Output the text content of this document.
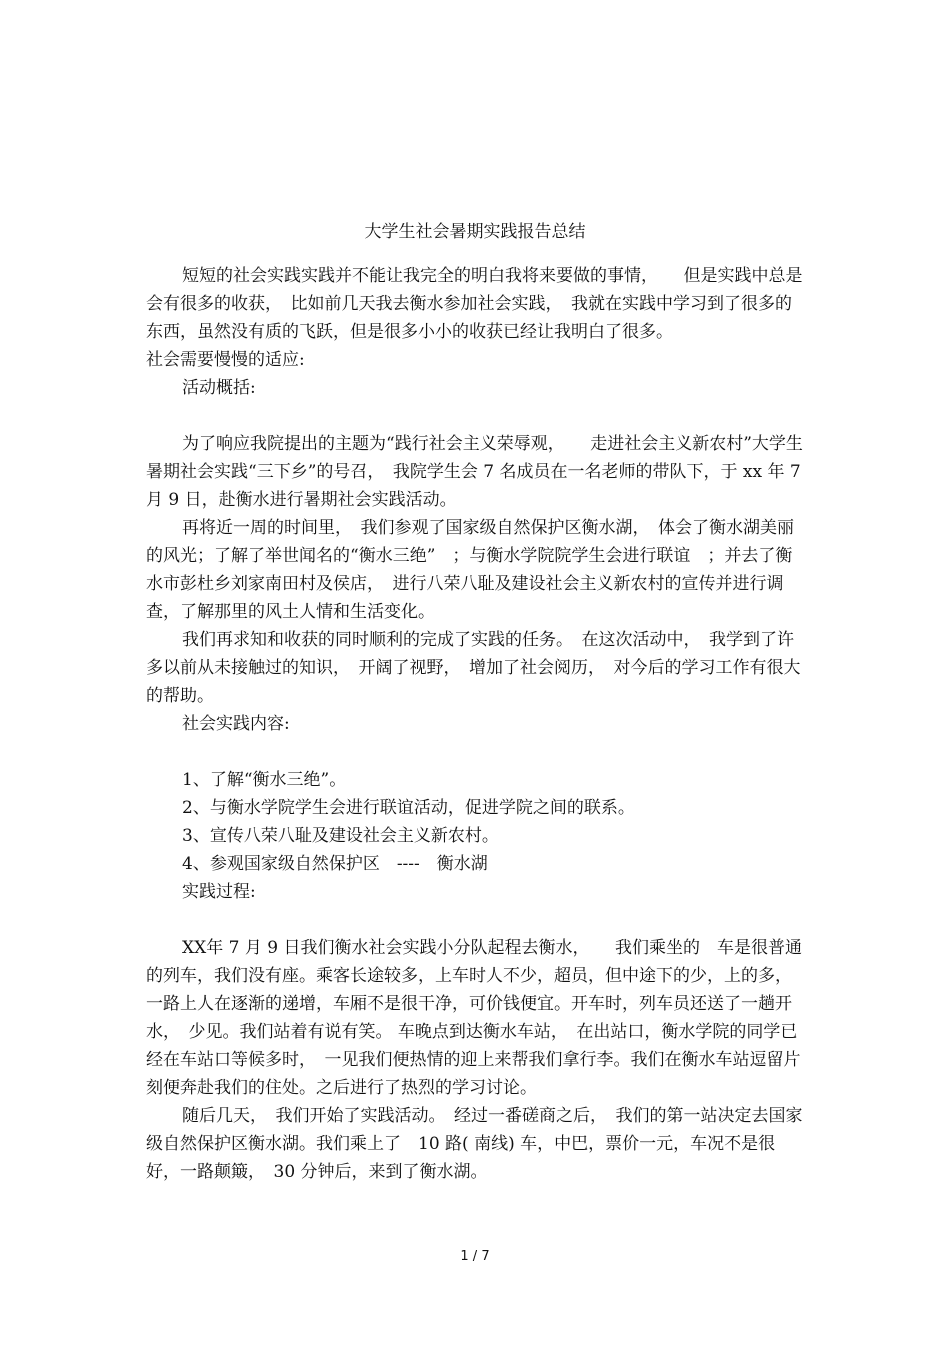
大学生社会暑期实践报告总结

短短的社会实践实践并不能让我完全的明白我将来要做的事情，　　但是实践中总是会有很多的收获，　比如前几天我去衡水参加社会实践，　我就在实践中学习到了很多的东西，虽然没有质的飞跃，但是很多小小的收获已经让我明白了很多。

社会需要慢慢的适应:

活动概括:

为了响应我院提出的主题为“践行社会主义荣辱观，　　走进社会主义新农村”大学生暑期社会实践“三下乡”的号召，　我院学生会 7 名成员在一名老师的带队下，于 xx 年 7 月 9 日，赴衡水进行暑期社会实践活动。

再将近一周的时间里，　我们参观了国家级自然保护区衡水湖，　体会了衡水湖美丽的风光；了解了举世闻名的“衡水三绝”　；与衡水学院院学生会进行联谊　；并去了衡水市彭杜乡刘家南田村及侯店，　进行八荣八耻及建设社会主义新农村的宣传并进行调查，了解那里的风土人情和生活变化。

我们再求知和收获的同时顺利的完成了实践的任务。　在这次活动中，　我学到了许多以前从未接触过的知识，　开阔了视野，　增加了社会阅历，　对今后的学习工作有很大的帮助。

社会实践内容:

1、了解“衡水三绝”。

2、与衡水学院学生会进行联谊活动，促进学院之间的联系。

3、宣传八荣八耻及建设社会主义新农村。

4、参观国家级自然保护区　----　衡水湖

实践过程:

XX年 7 月 9 日我们衡水社会实践小分队起程去衡水，　　我们乘坐的　车是很普通的列车，我们没有座。乘客长途较多，上车时人不少，超员，但中途下的少，上的多，一路上人在逐渐的递增，车厢不是很干净，可价钱便宜。开车时，列车员还送了一趟开水，　少见。我们站着有说有笑。 车晚点到达衡水车站，　在出站口，衡水学院的同学已经在车站口等候多时，　一见我们便热情的迎上来帮我们拿行李。我们在衡水车站逗留片刻便奔赴我们的住处。之后进行了热烈的学习讨论。

随后几天，　我们开始了实践活动。　经过一番磋商之后，　我们的第一站决定去国家级自然保护区衡水湖。我们乘上了　10 路( 南线) 车，中巴，票价一元，车况不是很好，一路颠簸，　30 分钟后，来到了衡水湖。

1 / 7
